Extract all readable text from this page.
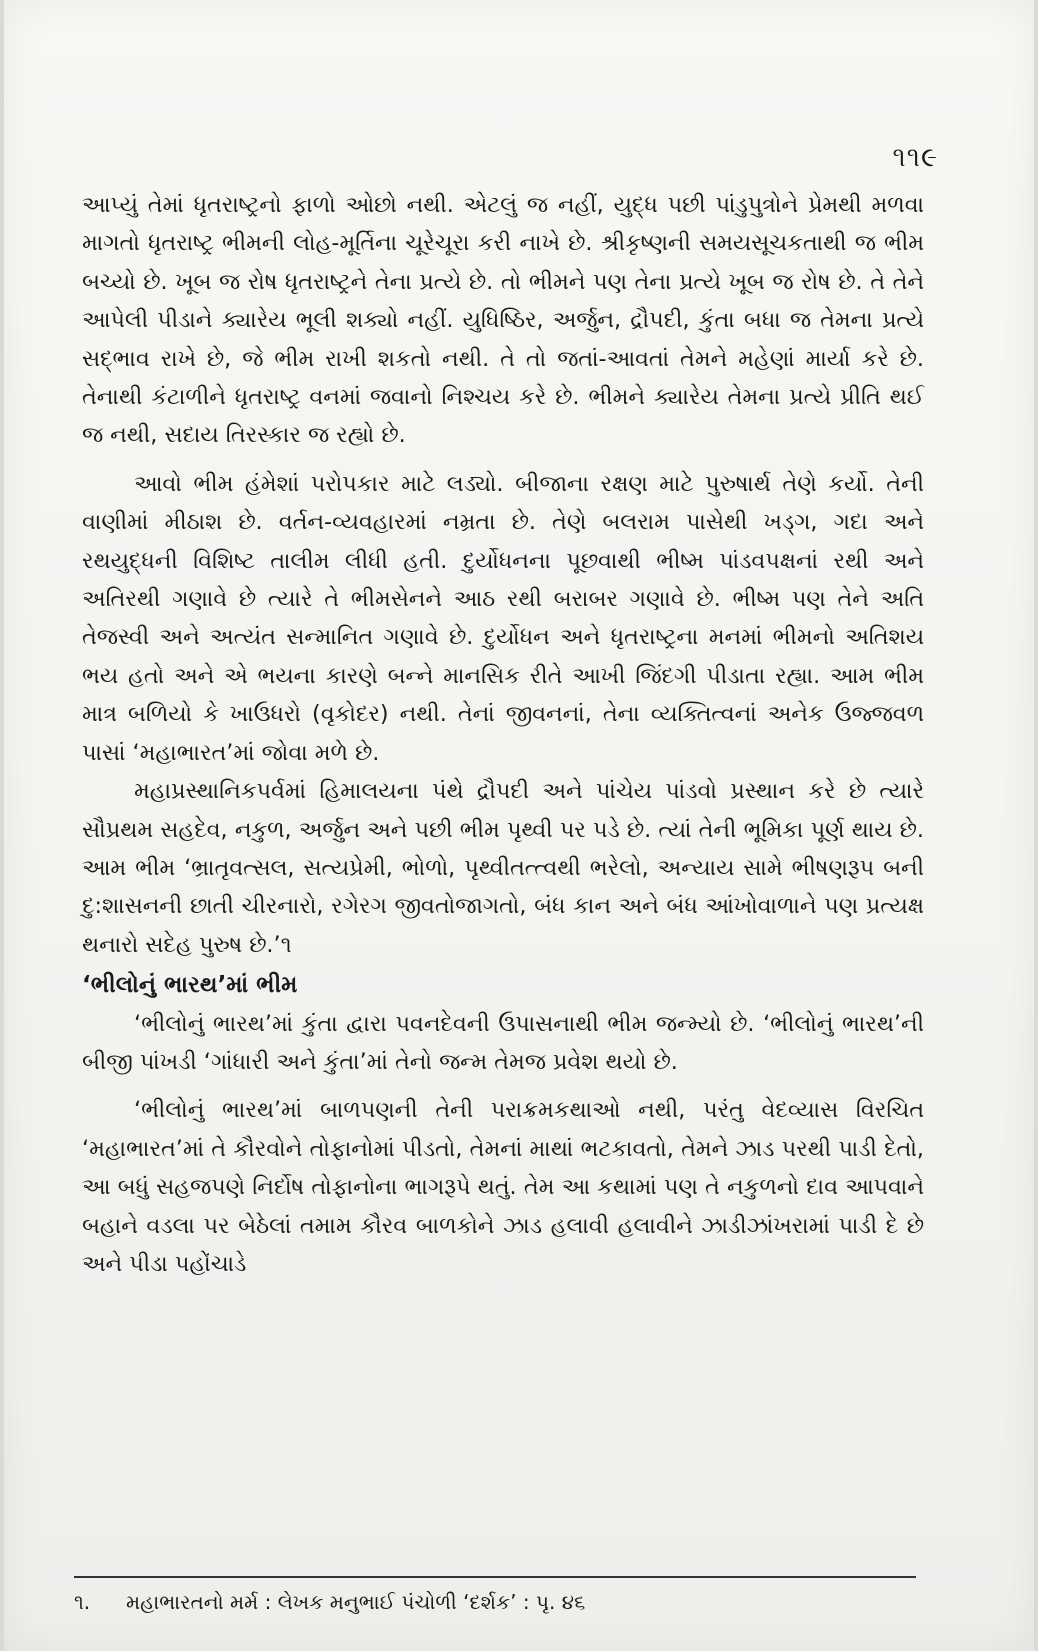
૧૧૯

આપ્યું તેમાં ધૃતરાષ્ટ્રનો ફાળો ઓછો નથી. એટલું જ નહીં, યુદ્ધ પછી પાંડુપુત્રોને પ્રેમથી મળવા માગતો ધૃતરાષ્ટ્ર ભીમની લોહ-મૂર્તિના ચૂરેચૂરા કરી નાખે છે. શ્રીકૃષ્ણની સમયસૂચકતાથી જ ભીમ બચ્યો છે. ખૂબ જ રોષ ધૃતરાષ્ટ્રને તેના પ્રત્યે છે. તો ભીમને પણ તેના પ્રત્યે ખૂબ જ રોષ છે. તે તેને આપેલી પીડાને ક્યારેય ભૂલી શક્યો નહીં. યુધિષ્ઠિર, અર્જુન, દ્રૌપદી, કુંતા બધા જ તેમના પ્રત્યે સદ્ભાવ રાખે છે, જે ભીમ રાખી શકતો નથી. તે તો જતાં-આવતાં તેમને મહેણાં માર્યા કરે છે. તેનાથી કંટાળીને ધૃતરાષ્ટ્ર વનમાં જવાનો નિશ્ચય કરે છે. ભીમને ક્યારેય તેમના પ્રત્યે પ્રીતિ થઈ જ નથી, સદાય તિરસ્કાર જ રહ્યો છે.

આવો ભીમ હંમેશાં પરોપકાર માટે લડ્યો. બીજાના રક્ષણ માટે પુરુષાર્થ તેણે કર્યો. તેની વાણીમાં મીઠાશ છે. વર્તન-વ્યવહારમાં નમ્રતા છે. તેણે બલરામ પાસેથી ખડ્ગ, ગદા અને રથયુદ્ધની વિશિષ્ટ તાલીમ લીધી હતી. દુર્યોધનના પૂછવાથી ભીષ્મ પાંડવપક્ષનાં રથી અને અતિરથી ગણાવે છે ત્યારે તે ભીમસેનને આઠ રથી બરાબર ગણાવે છે. ભીષ્મ પણ તેને અતિ તેજસ્વી અને અત્યંત સન્માનિત ગણાવે છે. દુર્યોધન અને ધૃતરાષ્ટ્રના મનમાં ભીમનો અતિશય ભય હતો અને એ ભયના કારણે બન્ને માનસિક રીતે આખી જિંદગી પીડાતા રહ્યા. આમ ભીમ માત્ર બળિયો કે ખાઉધરો (વૃકોદર) નથી. તેનાં જીવનનાં, તેના વ્યક્તિત્વનાં અનેક ઉજ્જવળ પાસાં ‘મહાભારત’માં જોવા મળે છે.

મહાપ્રસ્થાનિકપર્વમાં હિમાલયના પંથે દ્રૌપદી અને પાંચેય પાંડવો પ્રસ્થાન કરે છે ત્યારે સૌપ્રથમ સહદેવ, નકુળ, અર્જુન અને પછી ભીમ પૃથ્વી પર પડે છે. ત્યાં તેની ભૂમિકા પૂર્ણ થાય છે. આમ ભીમ ‘ભ્રાતૃવત્સલ, સત્યપ્રેમી, ભોળો, પૃથ્વીતત્ત્વથી ભરેલો, અન્યાય સામે ભીષણરૂપ બની દુ:શાસનની છાતી ચીરનારો, રગેરગ જીવતોજાગતો, બંધ કાન અને બંધ આંખોવાળાને પણ પ્રત્યક્ષ થનારો સદેહ પુરુષ છે.’૧

‘ભીલોનું ભારથ’માં ભીમ

‘ભીલોનું ભારથ’માં કુંતા દ્વારા પવનદેવની ઉપાસનાથી ભીમ જન્મ્યો છે. ‘ભીલોનું ભારથ’ની બીજી પાંખડી ‘ગાંધારી અને કુંતા’માં તેનો જન્મ તેમજ પ્રવેશ થયો છે.

‘ભીલોનું ભારથ’માં બાળપણની તેની પરાક્રમકથાઓ નથી, પરંતુ વેદવ્યાસ વિરચિત ‘મહાભારત’માં તે કૌરવોને તોફાનોમાં પીડતો, તેમનાં માથાં ભટકાવતો, તેમને ઝાડ પરથી પાડી દેતો, આ બધું સહજપણે નિર્દોષ તોફાનોના ભાગરૂપે થતું. તેમ આ કથામાં પણ તે નકુળનો દાવ આપવાને બહાને વડલા પર બેઠેલાં તમામ કૌરવ બાળકોને ઝાડ હલાવી હલાવીને ઝાડીઝાંખરામાં પાડી દે છે અને પીડા પહોંચાડે

૧. મહાભારતનો મર્મ : લેખક મનુભાઈ પંચોળી ‘દર્શક’ : પૃ. ૪૬
